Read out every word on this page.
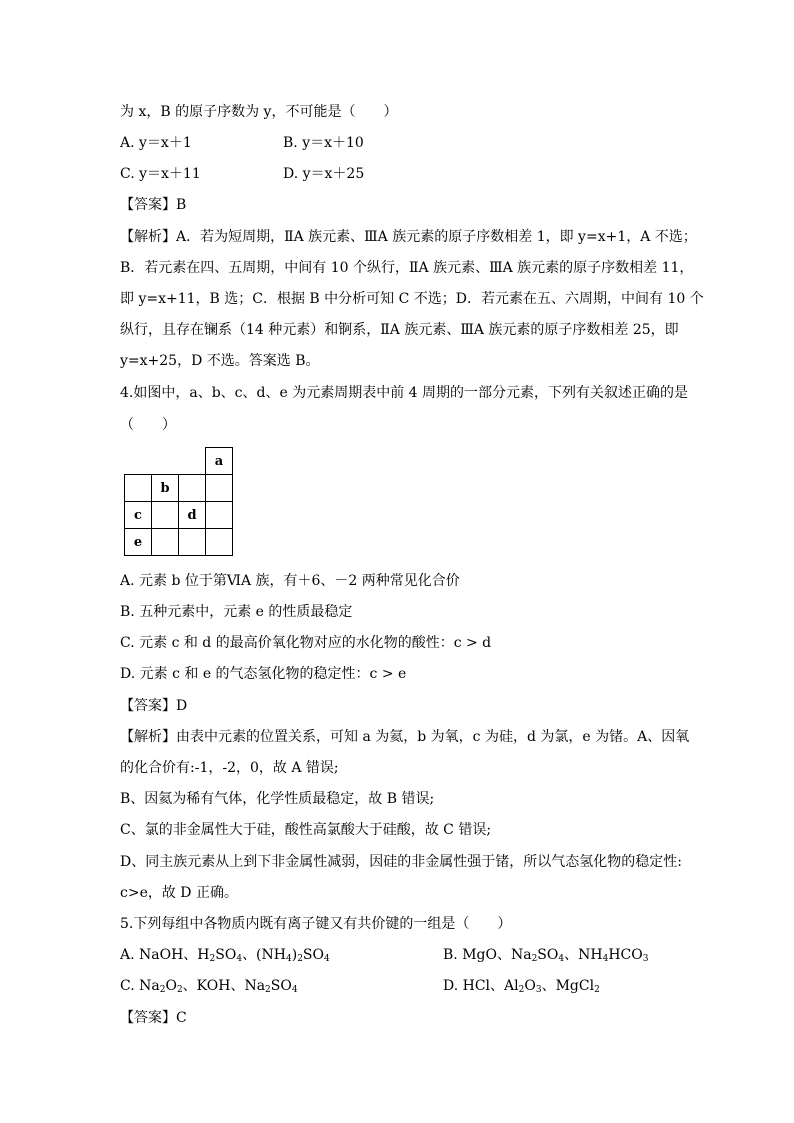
为 x，B 的原子序数为 y，不可能是（　　）
A. y＝x＋1	B. y＝x＋10
C. y＝x＋11	D. y＝x＋25
【答案】B
【解析】A．若为短周期，ⅡA 族元素、ⅢA 族元素的原子序数相差 1，即 y=x+1，A 不选；
B．若元素在四、五周期，中间有 10 个纵行，ⅡA 族元素、ⅢA 族元素的原子序数相差 11，
即 y=x+11，B 选；C．根据 B 中分析可知 C 不选；D．若元素在五、六周期，中间有 10 个
纵行，且存在镧系（14 种元素）和锕系，ⅡA 族元素、ⅢA 族元素的原子序数相差 25，即
y=x+25，D 不选。答案选 B。
4.如图中，a、b、c、d、e 为元素周期表中前 4 周期的一部分元素，下列有关叙述正确的是
（　　）
			a
	b		
c		d	
e			
A. 元素 b 位于第ⅥA 族，有＋6、－2 两种常见化合价
B. 五种元素中，元素 e 的性质最稳定
C. 元素 c 和 d 的最高价氧化物对应的水化物的酸性：c > d
D. 元素 c 和 e 的气态氢化物的稳定性：c > e
【答案】D
【解析】由表中元素的位置关系，可知 a 为氦，b 为氧，c 为硅，d 为氯，e 为锗。A、因氧
的化合价有:-1，-2，0，故 A 错误;
B、因氦为稀有气体，化学性质最稳定，故 B 错误;
C、氯的非金属性大于硅，酸性高氯酸大于硅酸，故 C 错误;
D、同主族元素从上到下非金属性减弱，因硅的非金属性强于锗，所以气态氢化物的稳定性:
c>e，故 D 正确。
5.下列每组中各物质内既有离子键又有共价键的一组是（　　）
A. NaOH、$H_2SO_4$、$(NH_4)_2SO_4$	B. MgO、$Na_2SO_4$、$NH_4HCO_3$
C. $Na_2O_2$、KOH、$Na_2SO_4$	D. HCl、$Al_2O_3$、MgCl$_2$
【答案】C
